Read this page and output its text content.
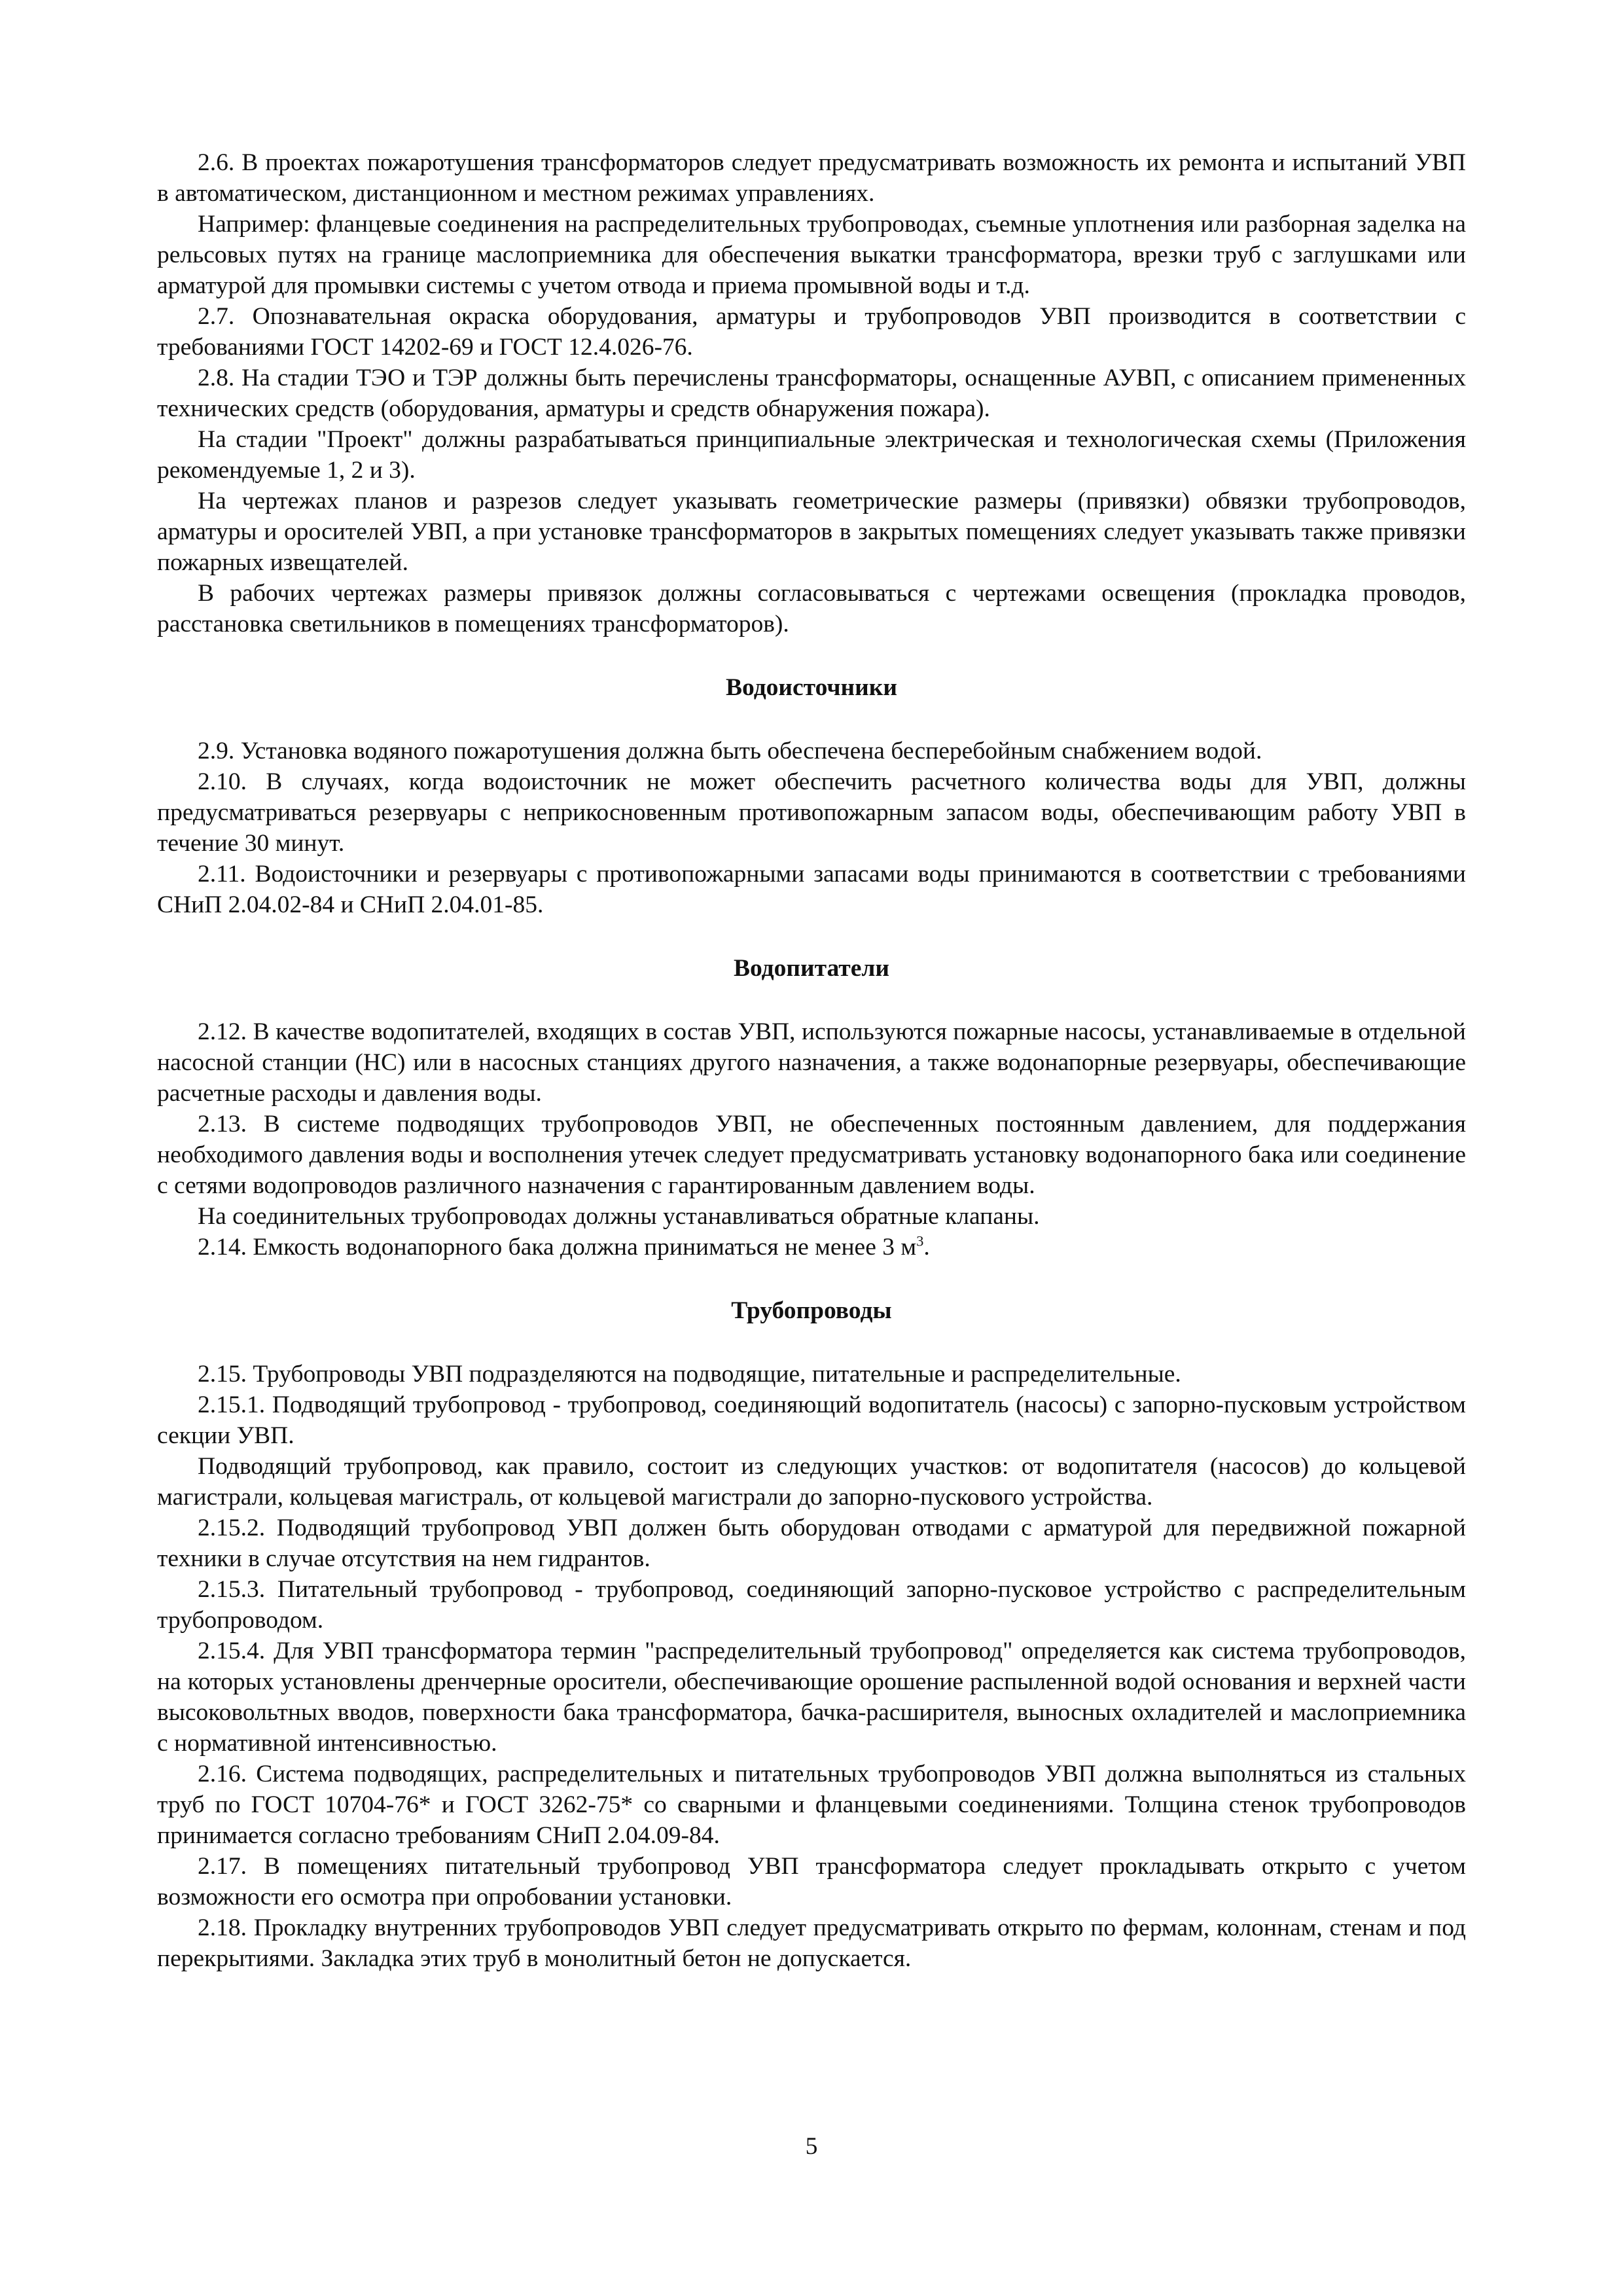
2.6. В проектах пожаротушения трансформаторов следует предусматривать возможность их ремонта и испытаний УВП в автоматическом, дистанционном и местном режимах управлениях.

Например: фланцевые соединения на распределительных трубопроводах, съемные уплотнения или разборная заделка на рельсовых путях на границе маслоприемника для обеспечения выкатки трансформатора, врезки труб с заглушками или арматурой для промывки системы с учетом отвода и приема промывной воды и т.д.

2.7. Опознавательная окраска оборудования, арматуры и трубопроводов УВП производится в соответствии с требованиями ГОСТ 14202-69 и ГОСТ 12.4.026-76.

2.8. На стадии ТЭО и ТЭР должны быть перечислены трансформаторы, оснащенные АУВП, с описанием примененных технических средств (оборудования, арматуры и средств обнаружения пожара).

На стадии "Проект" должны разрабатываться принципиальные электрическая и технологическая схемы (Приложения рекомендуемые 1, 2 и 3).

На чертежах планов и разрезов следует указывать геометрические размеры (привязки) обвязки трубопроводов, арматуры и оросителей УВП, а при установке трансформаторов в закрытых помещениях следует указывать также привязки пожарных извещателей.

В рабочих чертежах размеры привязок должны согласовываться с чертежами освещения (прокладка проводов, расстановка светильников в помещениях трансформаторов).

Водоисточники

2.9. Установка водяного пожаротушения должна быть обеспечена бесперебойным снабжением водой.

2.10. В случаях, когда водоисточник не может обеспечить расчетного количества воды для УВП, должны предусматриваться резервуары с неприкосновенным противопожарным запасом воды, обеспечивающим работу УВП в течение 30 минут.

2.11. Водоисточники и резервуары с противопожарными запасами воды принимаются в соответствии с требованиями СНиП 2.04.02-84 и СНиП 2.04.01-85.

Водопитатели

2.12. В качестве водопитателей, входящих в состав УВП, используются пожарные насосы, устанавливаемые в отдельной насосной станции (НС) или в насосных станциях другого назначения, а также водонапорные резервуары, обеспечивающие расчетные расходы и давления воды.

2.13. В системе подводящих трубопроводов УВП, не обеспеченных постоянным давлением, для поддержания необходимого давления воды и восполнения утечек следует предусматривать установку водонапорного бака или соединение с сетями водопроводов различного назначения с гарантированным давлением воды.

На соединительных трубопроводах должны устанавливаться обратные клапаны.

2.14. Емкость водонапорного бака должна приниматься не менее 3 $м^3$.

Трубопроводы

2.15. Трубопроводы УВП подразделяются на подводящие, питательные и распределительные.

2.15.1. Подводящий трубопровод - трубопровод, соединяющий водопитатель (насосы) с запорно-пусковым устройством секции УВП.

Подводящий трубопровод, как правило, состоит из следующих участков: от водопитателя (насосов) до кольцевой магистрали, кольцевая магистраль, от кольцевой магистрали до запорно-пускового устройства.

2.15.2. Подводящий трубопровод УВП должен быть оборудован отводами с арматурой для передвижной пожарной техники в случае отсутствия на нем гидрантов.

2.15.3. Питательный трубопровод - трубопровод, соединяющий запорно-пусковое устройство с распределительным трубопроводом.

2.15.4. Для УВП трансформатора термин "распределительный трубопровод" определяется как система трубопроводов, на которых установлены дренчерные оросители, обеспечивающие орошение распыленной водой основания и верхней части высоковольтных вводов, поверхности бака трансформатора, бачка-расширителя, выносных охладителей и маслоприемника с нормативной интенсивностью.

2.16. Система подводящих, распределительных и питательных трубопроводов УВП должна выполняться из стальных труб по ГОСТ 10704-76* и ГОСТ 3262-75* со сварными и фланцевыми соединениями. Толщина стенок трубопроводов принимается согласно требованиям СНиП 2.04.09-84.

2.17. В помещениях питательный трубопровод УВП трансформатора следует прокладывать открыто с учетом возможности его осмотра при опробовании установки.

2.18. Прокладку внутренних трубопроводов УВП следует предусматривать открыто по фермам, колоннам, стенам и под перекрытиями. Закладка этих труб в монолитный бетон не допускается.

5
